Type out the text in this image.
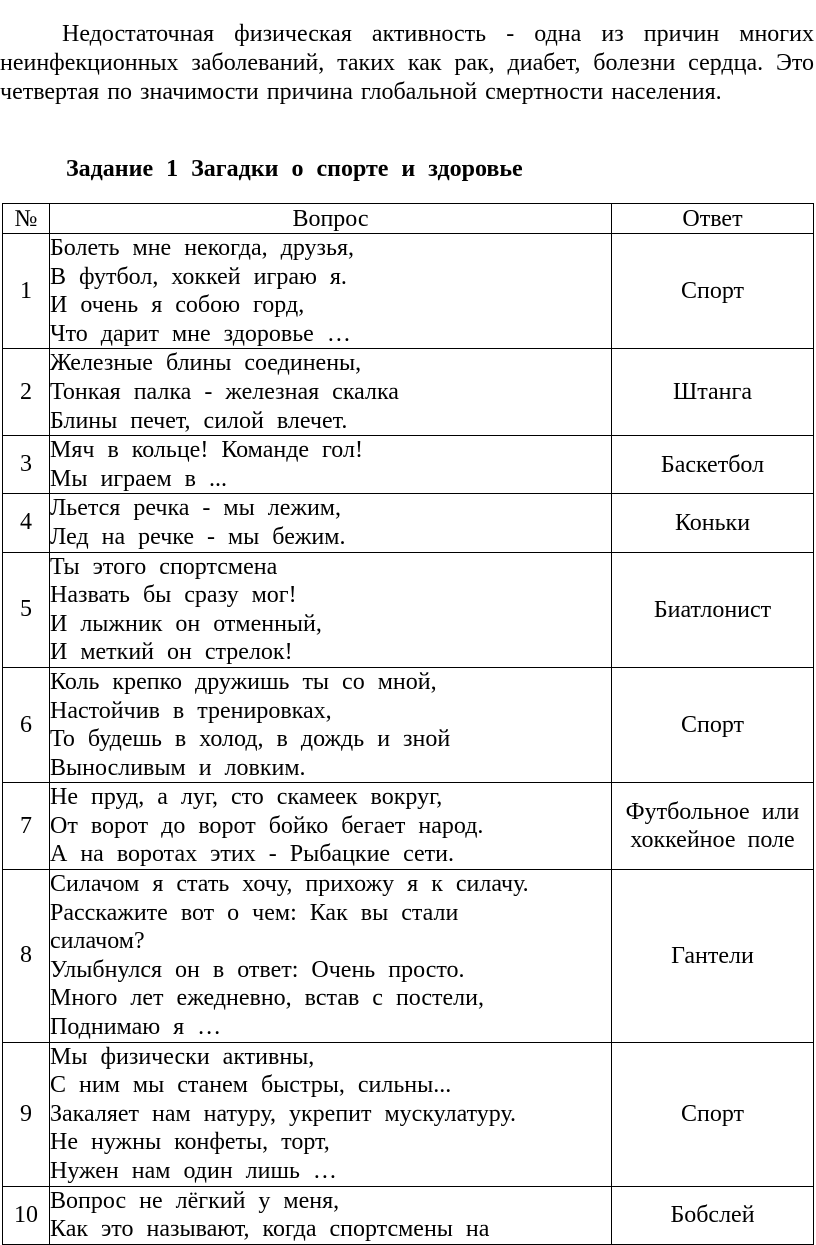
Недостаточная физическая активность - одна из причин многих неинфекционных заболеваний, таких как рак, диабет, болезни сердца. Это четвертая по значимости причина глобальной смертности населения.
Задание 1 Загадки о спорте и здоровье
№	Вопрос	Ответ
1	Болеть мне некогда, друзья,
В футбол, хоккей играю я.
И очень я собою горд,
Что дарит мне здоровье …	Спорт
2	Железные блины соединены,
Тонкая палка - железная скалка
Блины печет, силой влечет.	Штанга
3	Мяч в кольце! Команде гол!
Мы играем в ...	Баскетбол
4	Льется речка - мы лежим,
Лед на речке - мы бежим.	Коньки
5	Ты этого спортсмена
Назвать бы сразу мог!
И лыжник он отменный,
И меткий он стрелок!	Биатлонист
6	Коль крепко дружишь ты со мной,
Настойчив в тренировках,
То будешь в холод, в дождь и зной
Выносливым и ловким.	Спорт
7	Не пруд, а луг, сто скамеек вокруг,
От ворот до ворот бойко бегает народ.
А на воротах этих - Рыбацкие сети.	Футбольное или хоккейное поле
8	Силачом я стать хочу, прихожу я к силачу.
Расскажите вот о чем: Как вы стали силачом?
Улыбнулся он в ответ: Очень просто.
Много лет ежедневно, встав с постели,
Поднимаю я …	Гантели
9	Мы физически активны,
С ним мы станем быстры, сильны...
Закаляет нам натуру, укрепит мускулатуру.
Не нужны конфеты, торт,
Нужен нам один лишь …	Спорт
10	Вопрос не лёгкий у меня,
Как это называют, когда спортсмены на	Бобслей
